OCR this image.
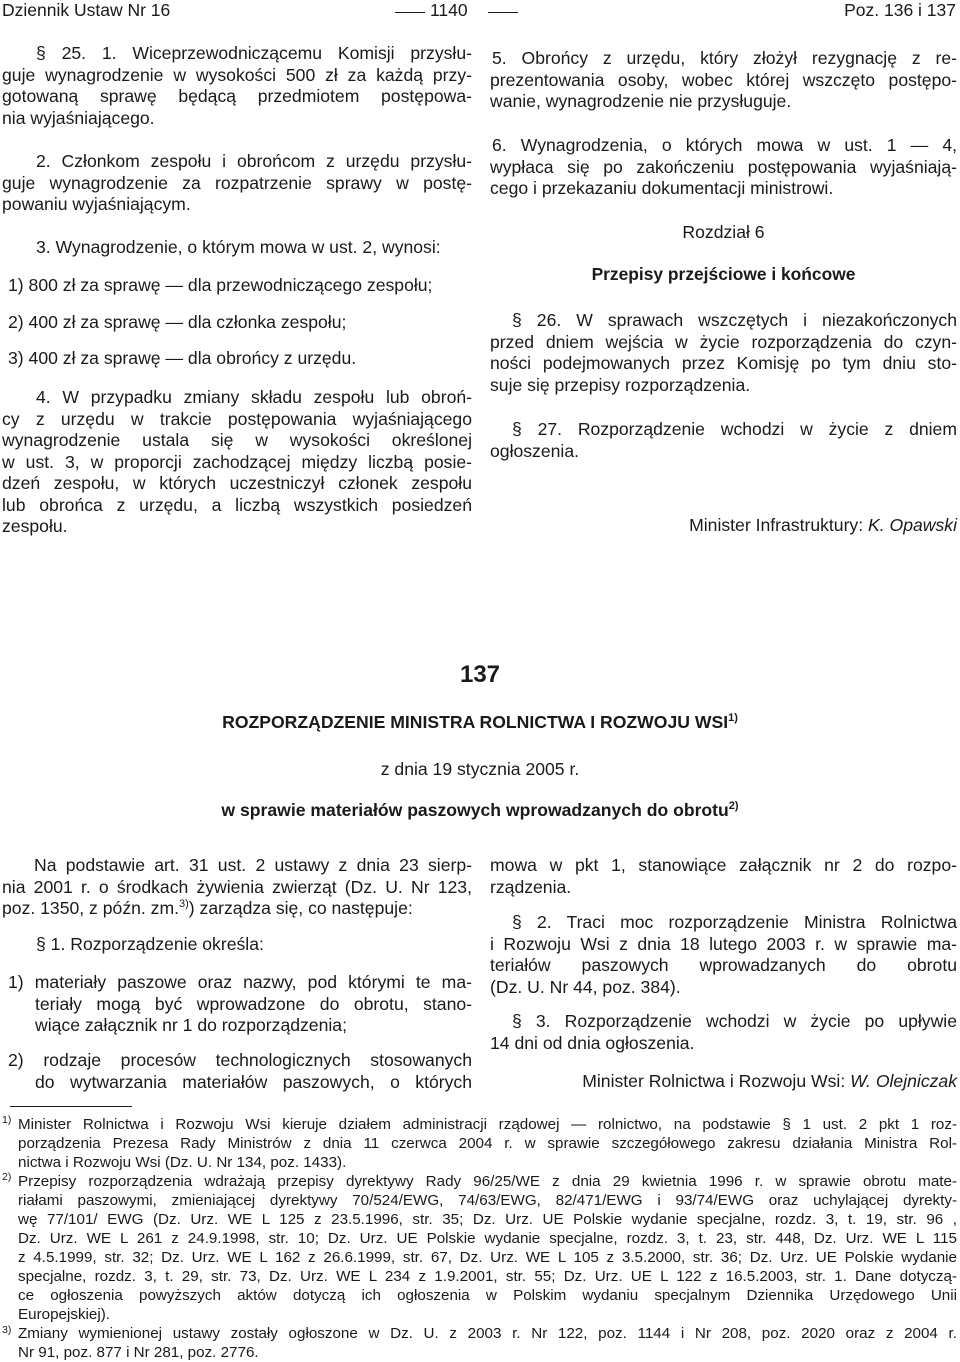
Dziennik Ustaw Nr 16	1140	Poz. 136 i 137
§ 25. 1. Wiceprzewodniczącemu Komisji przysłu-
guje wynagrodzenie w wysokości 500 zł za każdą przy-
gotowaną sprawę będącą przedmiotem postępowa-
nia wyjaśniającego.
2. Członkom zespołu i obrońcom z urzędu przysłu-
guje wynagrodzenie za rozpatrzenie sprawy w postę-
powaniu wyjaśniającym.
3. Wynagrodzenie, o którym mowa w ust. 2, wynosi:
1) 800 zł za sprawę — dla przewodniczącego zespołu;
2) 400 zł za sprawę — dla członka zespołu;
3) 400 zł za sprawę — dla obrońcy z urzędu.
4. W przypadku zmiany składu zespołu lub obroń-
cy z urzędu w trakcie postępowania wyjaśniającego
wynagrodzenie ustala się w wysokości określonej
w ust. 3, w proporcji zachodzącej między liczbą posie-
dzeń zespołu, w których uczestniczył członek zespołu
lub obrońca z urzędu, a liczbą wszystkich posiedzeń
zespołu.
5. Obrońcy z urzędu, który złożył rezygnację z re-
prezentowania osoby, wobec której wszczęto postępo-
wanie, wynagrodzenie nie przysługuje.
6. Wynagrodzenia, o których mowa w ust. 1 — 4,
wypłaca się po zakończeniu postępowania wyjaśniają-
cego i przekazaniu dokumentacji ministrowi.
Rozdział 6
Przepisy przejściowe i końcowe
§ 26. W sprawach wszczętych i niezakończonych
przed dniem wejścia w życie rozporządzenia do czyn-
ności podejmowanych przez Komisję po tym dniu sto-
suje się przepisy rozporządzenia.
§ 27. Rozporządzenie wchodzi w życie z dniem
ogłoszenia.
Minister Infrastruktury: K. Opawski
137
ROZPORZĄDZENIE MINISTRA ROLNICTWA I ROZWOJU WSI$^{1)}$
z dnia 19 stycznia 2005 r.
w sprawie materiałów paszowych wprowadzanych do obrotu$^{2)}$
Na podstawie art. 31 ust. 2 ustawy z dnia 23 sierp-
nia 2001 r. o środkach żywienia zwierząt (Dz. U. Nr 123,
poz. 1350, z późn. zm.$^{3)}$) zarządza się, co następuje:
§ 1. Rozporządzenie określa:
1) materiały paszowe oraz nazwy, pod którymi te ma-
teriały mogą być wprowadzone do obrotu, stano-
wiące załącznik nr 1 do rozporządzenia;
2) rodzaje procesów technologicznych stosowanych
do wytwarzania materiałów paszowych, o których
mowa w pkt 1, stanowiące załącznik nr 2 do rozpo-
rządzenia.
§ 2. Traci moc rozporządzenie Ministra Rolnictwa
i Rozwoju Wsi z dnia 18 lutego 2003 r. w sprawie ma-
teriałów paszowych wprowadzanych do obrotu
(Dz. U. Nr 44, poz. 384).
§ 3. Rozporządzenie wchodzi w życie po upływie
14 dni od dnia ogłoszenia.
Minister Rolnictwa i Rozwoju Wsi: W. Olejniczak
1) Minister Rolnictwa i Rozwoju Wsi kieruje działem administracji rządowej — rolnictwo, na podstawie § 1 ust. 2 pkt 1 roz-
porządzenia Prezesa Rady Ministrów z dnia 11 czerwca 2004 r. w sprawie szczegółowego zakresu działania Ministra Rol-
nictwa i Rozwoju Wsi (Dz. U. Nr 134, poz. 1433).
2) Przepisy rozporządzenia wdrażają przepisy dyrektywy Rady 96/25/WE z dnia 29 kwietnia 1996 r. w sprawie obrotu mate-
riałami paszowymi, zmieniającej dyrektywy 70/524/EWG, 74/63/EWG, 82/471/EWG i 93/74/EWG oraz uchylającej dyrekty-
wę 77/101/ EWG (Dz. Urz. WE L 125 z 23.5.1996, str. 35; Dz. Urz. UE Polskie wydanie specjalne, rozdz. 3, t. 19, str. 96 ,
Dz. Urz. WE L 261 z 24.9.1998, str. 10; Dz. Urz. UE Polskie wydanie specjalne, rozdz. 3, t. 23, str. 448, Dz. Urz. WE L 115
z 4.5.1999, str. 32; Dz. Urz. WE L 162 z 26.6.1999, str. 67, Dz. Urz. WE L 105 z 3.5.2000, str. 36; Dz. Urz. UE Polskie wydanie
specjalne, rozdz. 3, t. 29, str. 73, Dz. Urz. WE L 234 z 1.9.2001, str. 55; Dz. Urz. UE L 122 z 16.5.2003, str. 1. Dane dotyczą-
ce ogłoszenia powyższych aktów dotyczą ich ogłoszenia w Polskim wydaniu specjalnym Dziennika Urzędowego Unii
Europejskiej).
3) Zmiany wymienionej ustawy zostały ogłoszone w Dz. U. z 2003 r. Nr 122, poz. 1144 i Nr 208, poz. 2020 oraz z 2004 r.
Nr 91, poz. 877 i Nr 281, poz. 2776.
